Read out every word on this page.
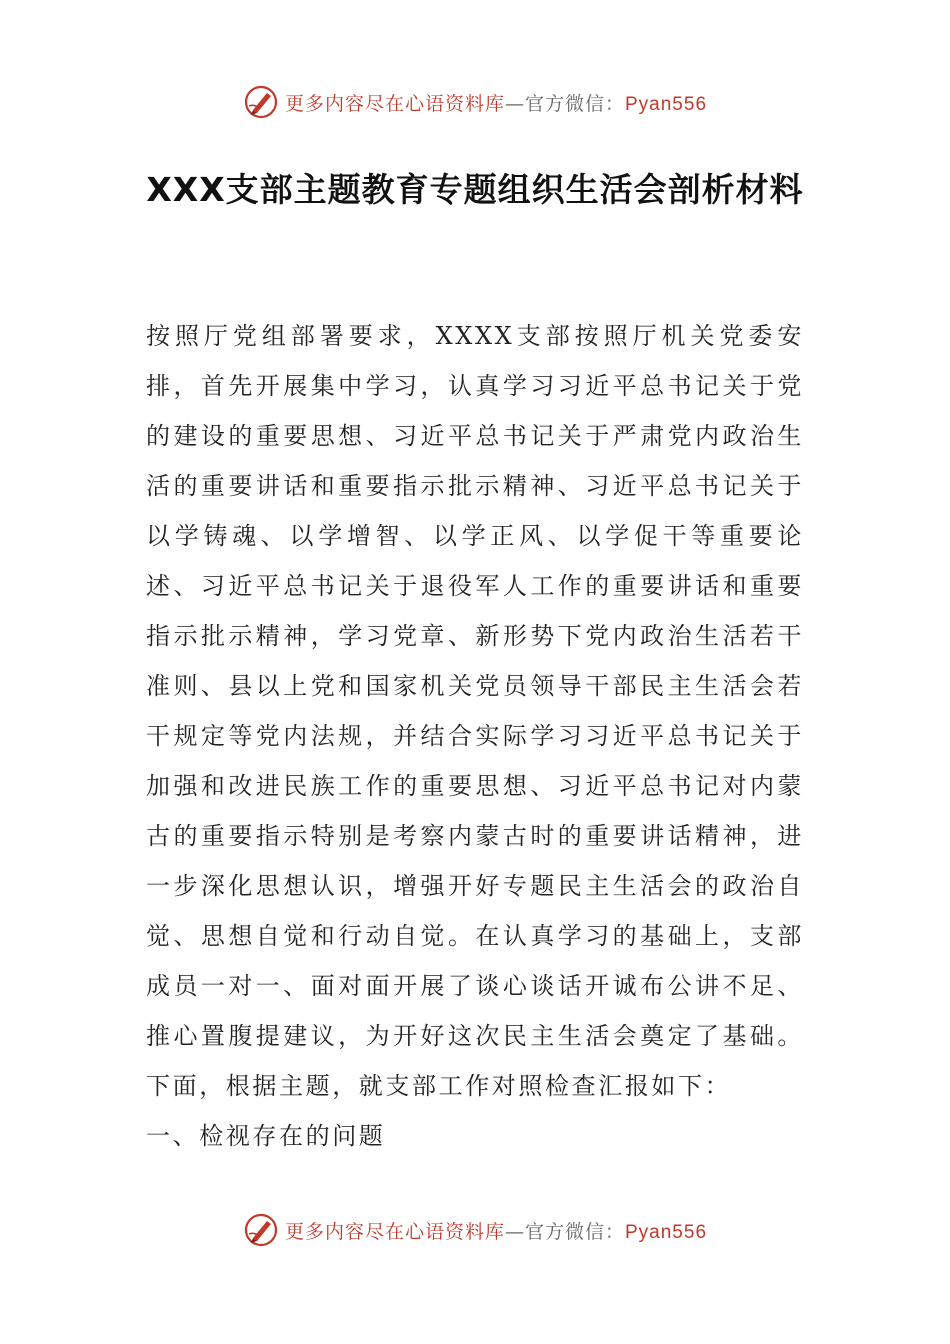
更多内容尽在心语资料库—官方微信：Pyan556
XXX支部主题教育专题组织生活会剖析材料

按照厅党组部署要求，XXXX支部按照厅机关党委安排，首先开展集中学习，认真学习习近平总书记关于党的建设的重要思想、习近平总书记关于严肃党内政治生活的重要讲话和重要指示批示精神、习近平总书记关于以学铸魂、以学增智、以学正风、以学促干等重要论述、习近平总书记关于退役军人工作的重要讲话和重要指示批示精神，学习党章、新形势下党内政治生活若干准则、县以上党和国家机关党员领导干部民主生活会若干规定等党内法规，并结合实际学习习近平总书记关于加强和改进民族工作的重要思想、习近平总书记对内蒙古的重要指示特别是考察内蒙古时的重要讲话精神，进一步深化思想认识，增强开好专题民主生活会的政治自觉、思想自觉和行动自觉。在认真学习的基础上，支部成员一对一、面对面开展了谈心谈话开诚布公讲不足、推心置腹提建议，为开好这次民主生活会奠定了基础。下面，根据主题，就支部工作对照检查汇报如下：

一、检视存在的问题

更多内容尽在心语资料库—官方微信：Pyan556
